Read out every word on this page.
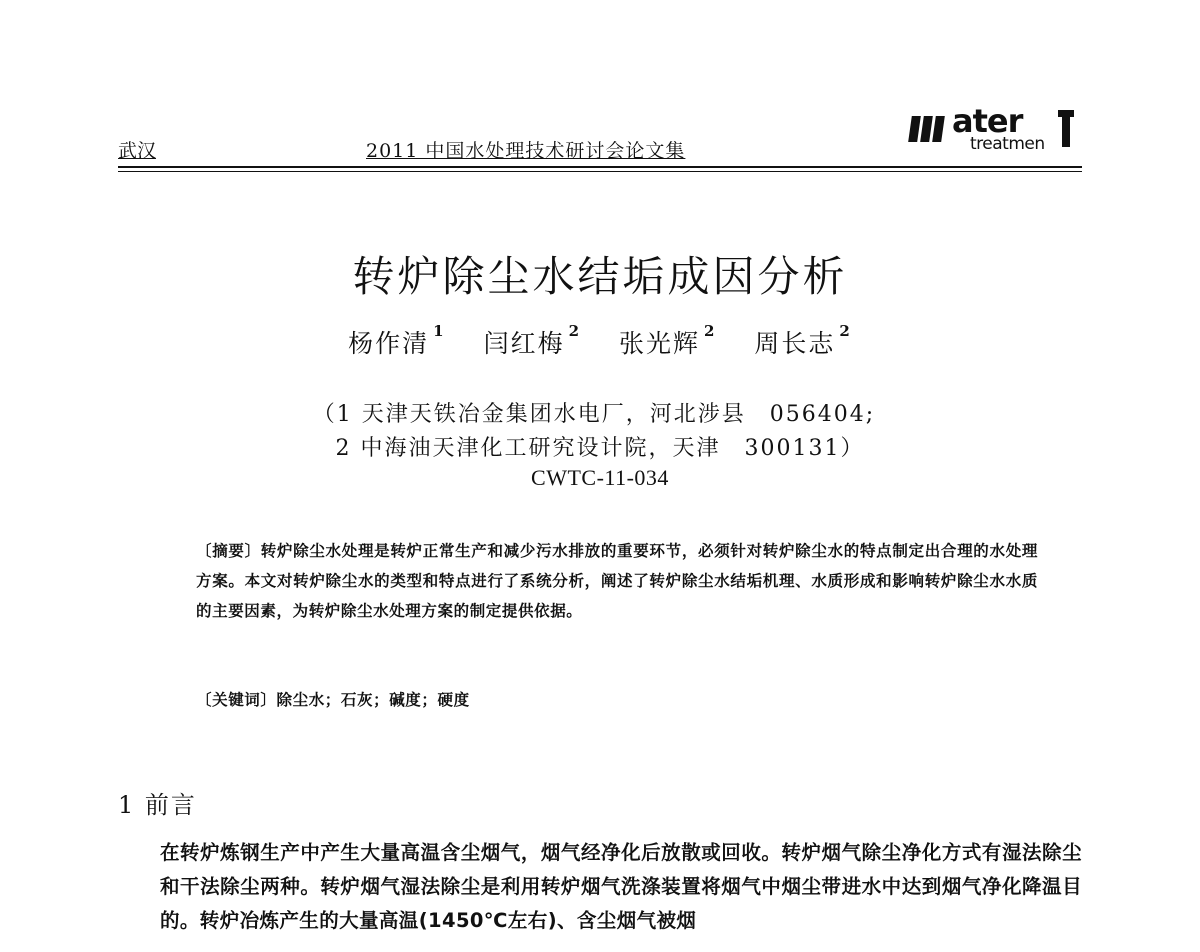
武汉	2011 中国水处理技术研讨会论文集
ater
treatmen
转炉除尘水结垢成因分析
杨作清 $^1$ 闫红梅 $^2$ 张光辉 $^2$ 周长志 $^2$
（1 天津天铁冶金集团水电厂，河北涉县　056404;
2 中海油天津化工研究设计院，天津　300131）
CWTC-11-034
〔摘要〕转炉除尘水处理是转炉正常生产和减少污水排放的重要环节，必须针对转炉除尘水的特点制定出合理的水处理方案。本文对转炉除尘水的类型和特点进行了系统分析，阐述了转炉除尘水结垢机理、水质形成和影响转炉除尘水水质的主要因素，为转炉除尘水处理方案的制定提供依据。
〔关键词〕除尘水；石灰；碱度；硬度
1 前言
在转炉炼钢生产中产生大量高温含尘烟气，烟气经净化后放散或回收。转炉烟气除尘净化方式有湿法除尘和干法除尘两种。转炉烟气湿法除尘是利用转炉烟气洗涤装置将烟气中烟尘带进水中达到烟气净化降温目的。转炉冶炼产生的大量高温(1450℃左右)、含尘烟气被烟
